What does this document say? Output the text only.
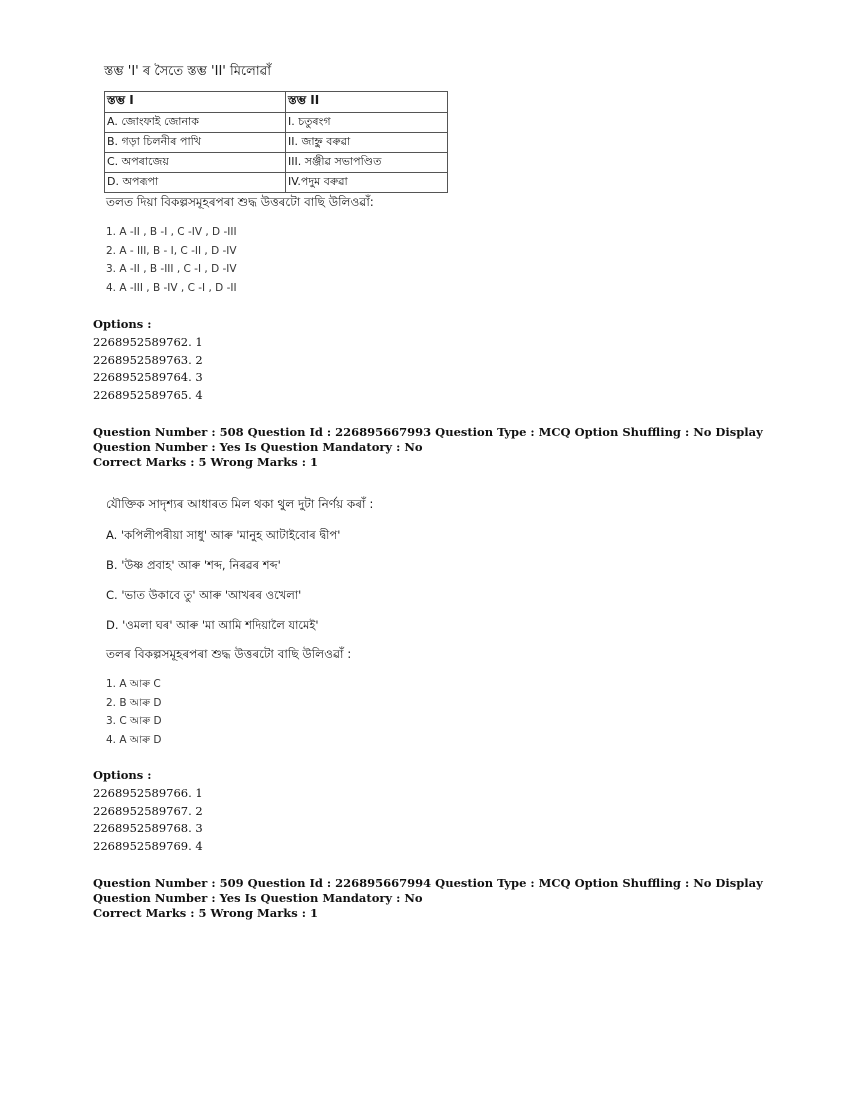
স্তম্ভ 'I' ৰ সৈতে স্তম্ভ 'II' মিলোৱাঁ
স্তম্ভ I	স্তম্ভ II
A. জোংফাই জোনাক	I. চতুৰংগ
B. গড়া চিলনীৰ পাখি	II. জাহ্নু বৰুৱা
C. অপৰাজেয়	III. সঞ্জীৱ সভাপণ্ডিত
D. অপৰূপা	IV.পদুম বৰুৱা
তলত দিয়া বিকল্পসমূহৰপৰা শুদ্ধ উত্তৰটো বাছি উলিওৱাঁ:
1. A -II , B -I , C -IV , D -III
2. A - III, B - I, C -II , D -IV
3. A -II , B -III , C -I , D -IV
4. A -III , B -IV , C -I , D -II
Options :
2268952589762. 1
2268952589763. 2
2268952589764. 3
2268952589765. 4
Question Number : 508 Question Id : 226895667993 Question Type : MCQ Option Shuffling : No Display Question Number : Yes Is Question Mandatory : No
Correct Marks : 5 Wrong Marks : 1
যৌক্তিক সাদৃশ্যৰ আধাৰত মিল থকা থুল দুটা নিৰ্ণয় কৰাঁ :
A. 'কপিলীপৰীয়া সাধু' আৰু 'মানুহ আটাইবোৰ দ্বীপ'
B. 'উষ্ণ প্ৰবাহ' আৰু 'শব্দ, নিৰৱৰ শব্দ'
C. 'ভাত উকাবে তু' আৰু 'আখৰৰ ওখেলা'
D. 'ওমলা ঘৰ' আৰু 'মা আমি শদিয়ালৈ যামেই'
তলৰ বিকল্পসমূহৰপৰা শুদ্ধ উত্তৰটো বাছি উলিওৱাঁ :
1. A আৰু C
2. B আৰু D
3. C আৰু D
4. A আৰু D
Options :
2268952589766. 1
2268952589767. 2
2268952589768. 3
2268952589769. 4
Question Number : 509 Question Id : 226895667994 Question Type : MCQ Option Shuffling : No Display Question Number : Yes Is Question Mandatory : No
Correct Marks : 5 Wrong Marks : 1
